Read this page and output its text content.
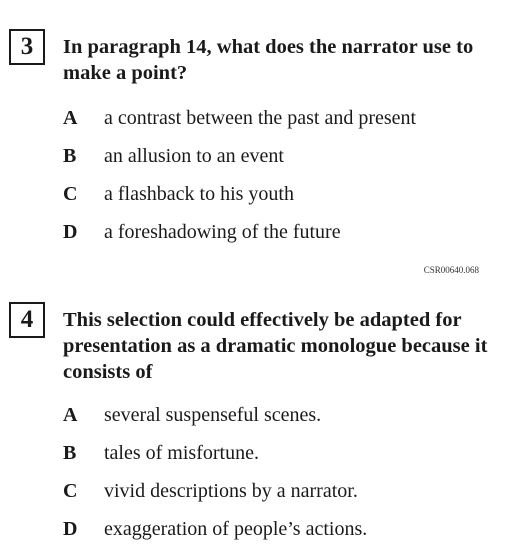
3	In paragraph 14, what does the narrator use to make a point?
A a contrast between the past and present
B an allusion to an event
C a flashback to his youth
D a foreshadowing of the future
CSR00640.068
4	This selection could effectively be adapted for presentation as a dramatic monologue because it consists of
A several suspenseful scenes.
B tales of misfortune.
C vivid descriptions by a narrator.
D exaggeration of people’s actions.
